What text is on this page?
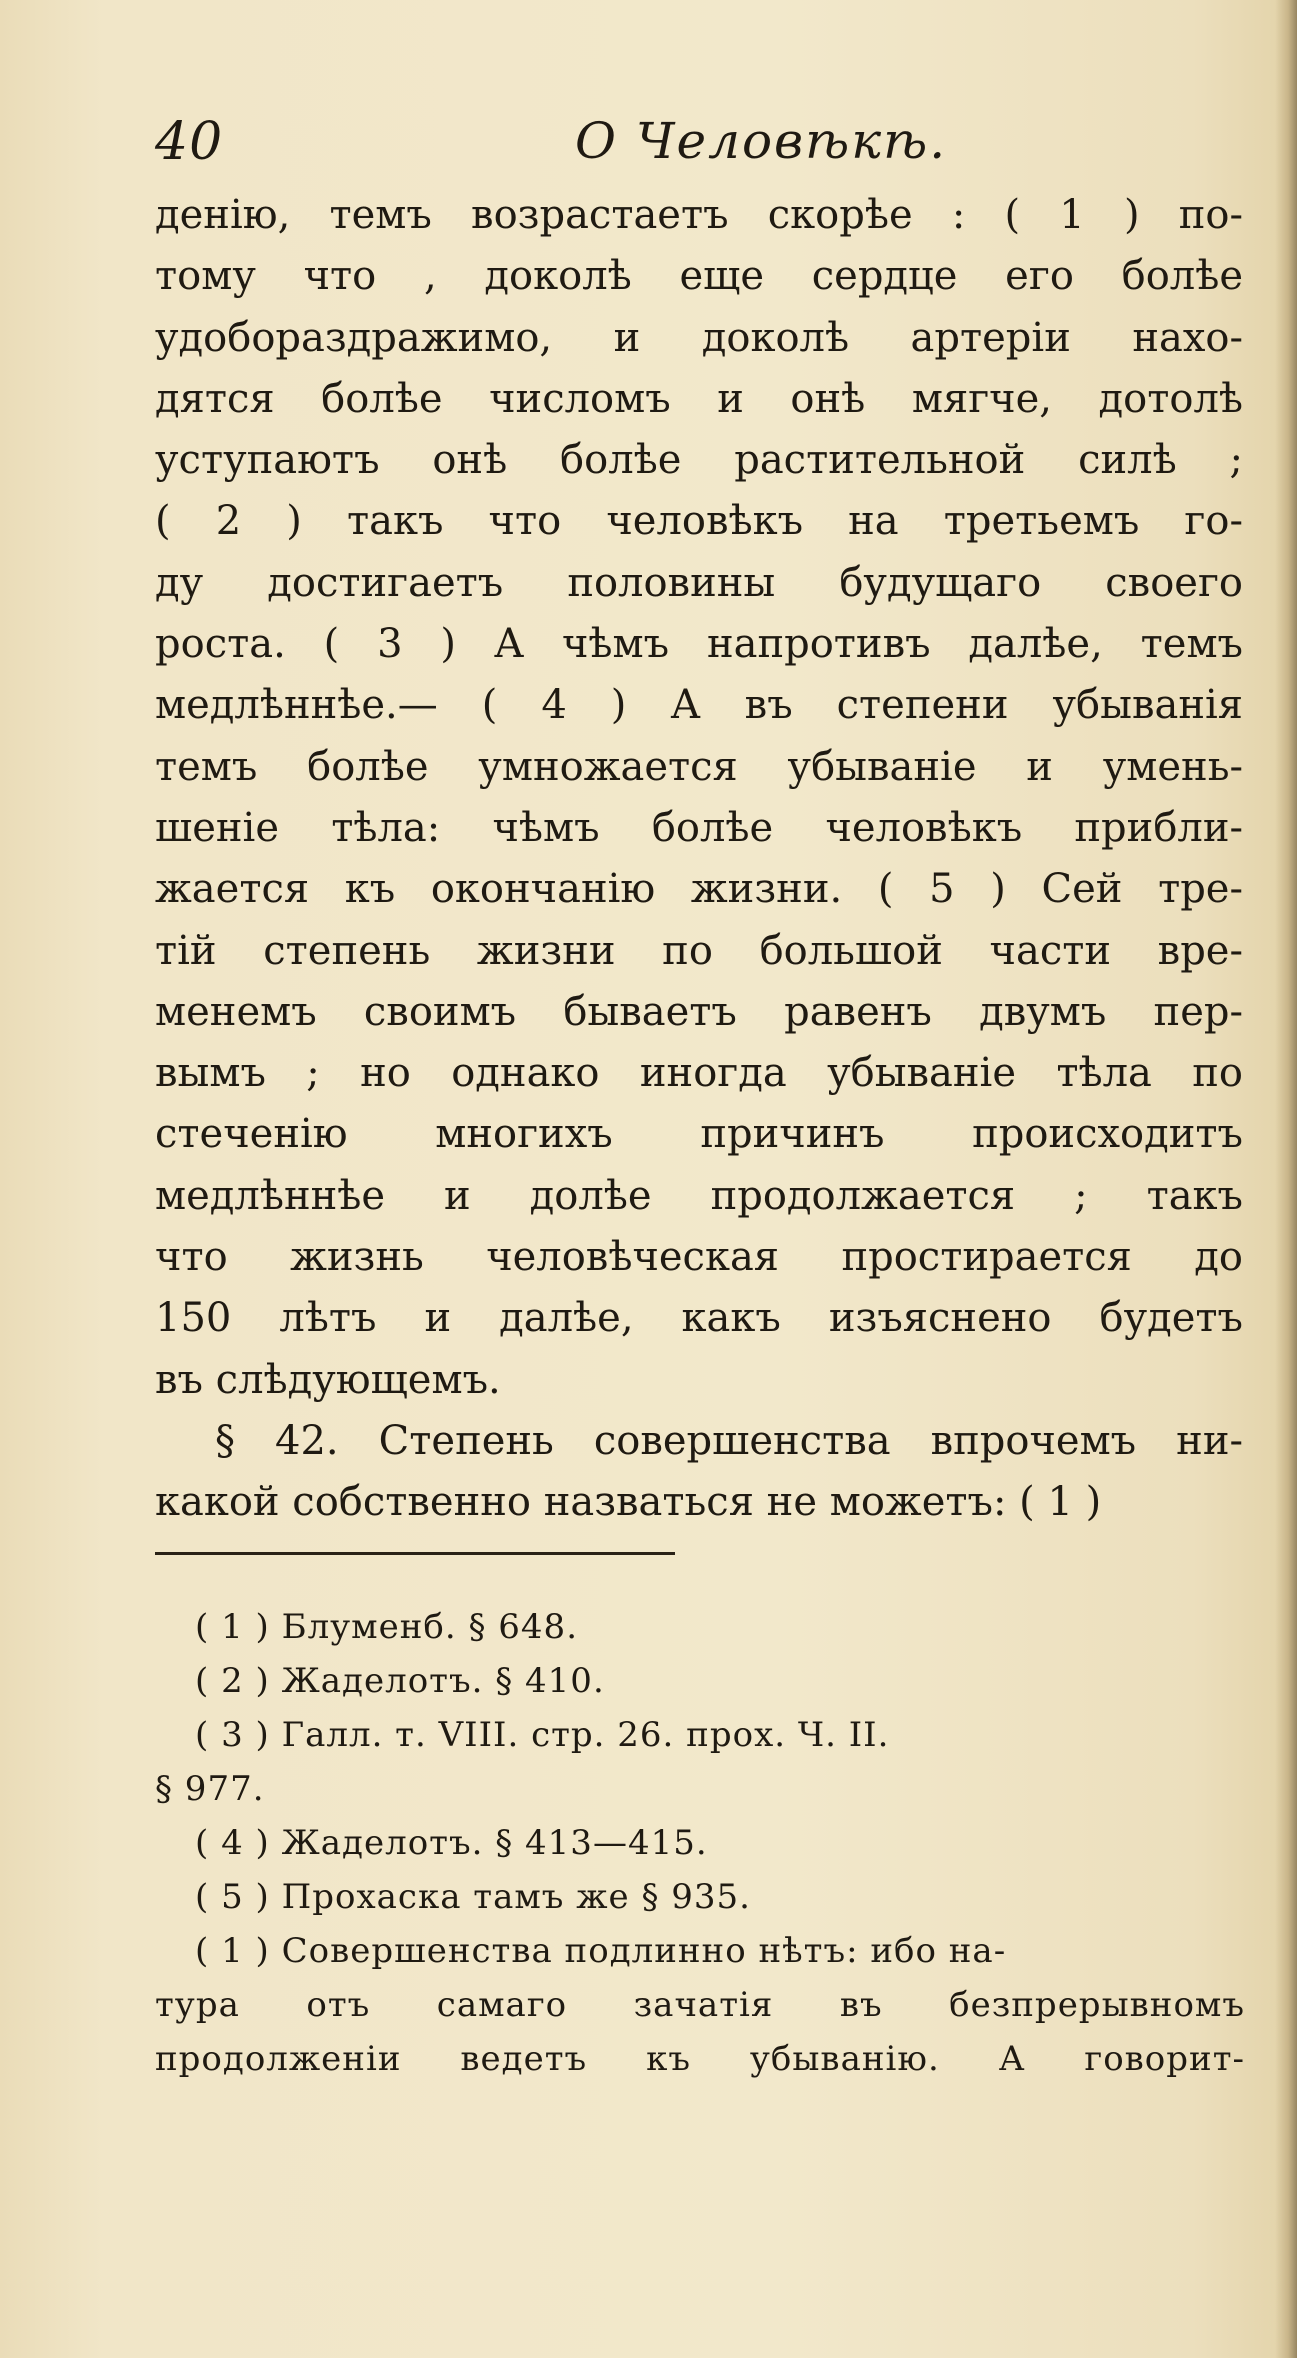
40	О Человѣкѣ.
денію, темъ возрастаетъ скорѣе : ( 1 ) по-
тому что , доколѣ еще сердце его болѣе
удобораздражимо, и доколѣ артеріи нахо-
дятся болѣе числомъ и онѣ мягче, дотолѣ
уступаютъ онѣ болѣе растительной силѣ ;
( 2 ) такъ что человѣкъ на третьемъ го-
ду достигаетъ половины будущаго своего
роста. ( 3 ) А чѣмъ напротивъ далѣе, темъ
медлѣннѣе.— ( 4 ) А въ степени убыванія
темъ болѣе умножается убываніе и умень-
шеніе тѣла: чѣмъ болѣе человѣкъ прибли-
жается къ окончанію жизни. ( 5 ) Сей тре-
тій степень жизни по большой части вре-
менемъ своимъ бываетъ равенъ двумъ пер-
вымъ ; но однако иногда убываніе тѣла по
стеченію многихъ причинъ происходитъ
медлѣннѣе и долѣе продолжается ; такъ
что жизнь человѣческая простирается до
150 лѣтъ и далѣе, какъ изъяснено будетъ
въ слѣдующемъ.
§ 42. Степень совершенства впрочемъ ни-
какой собственно назваться не можетъ: ( 1 )
( 1 ) Блуменб. § 648.
( 2 ) Жаделотъ. § 410.
( 3 ) Галл. т. VIII. стр. 26. прох. Ч. II.
§ 977.
( 4 ) Жаделотъ. § 413—415.
( 5 ) Прохаска тамъ же § 935.
( 1 ) Совершенства подлинно нѣтъ: ибо на-
тура отъ самаго зачатія въ безпрерывномъ
продолженіи ведетъ къ убыванію. А говорит-
